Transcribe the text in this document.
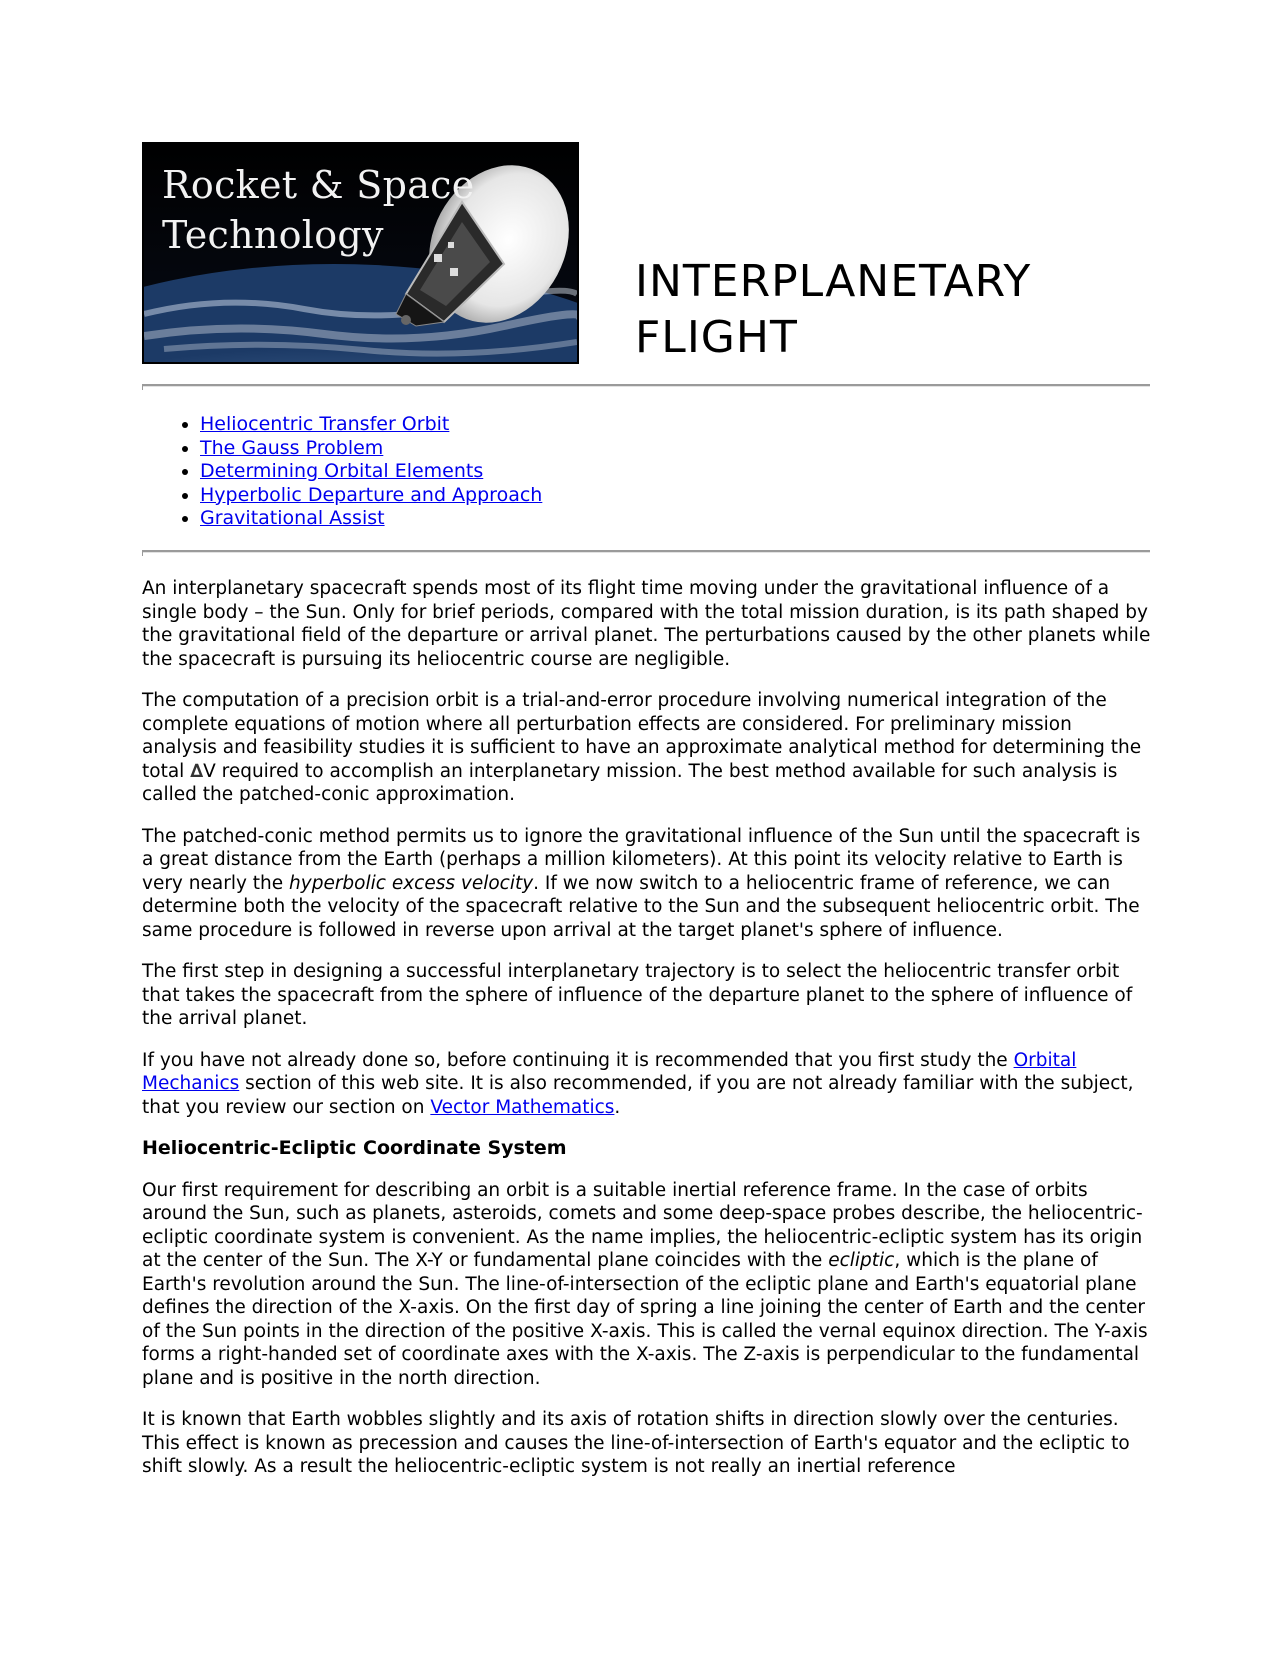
Rocket & Space
Technology
INTERPLANETARY
FLIGHT
• Heliocentric Transfer Orbit
• The Gauss Problem
• Determining Orbital Elements
• Hyperbolic Departure and Approach
• Gravitational Assist

An interplanetary spacecraft spends most of its flight time moving under the gravitational influence of a single body – the Sun. Only for brief periods, compared with the total mission duration, is its path shaped by the gravitational field of the departure or arrival planet. The perturbations caused by the other planets while the spacecraft is pursuing its heliocentric course are negligible.

The computation of a precision orbit is a trial-and-error procedure involving numerical integration of the complete equations of motion where all perturbation effects are considered. For preliminary mission analysis and feasibility studies it is sufficient to have an approximate analytical method for determining the total ∆V required to accomplish an interplanetary mission. The best method available for such analysis is called the patched-conic approximation.

The patched-conic method permits us to ignore the gravitational influence of the Sun until the spacecraft is a great distance from the Earth (perhaps a million kilometers). At this point its velocity relative to Earth is very nearly the hyperbolic excess velocity. If we now switch to a heliocentric frame of reference, we can determine both the velocity of the spacecraft relative to the Sun and the subsequent heliocentric orbit. The same procedure is followed in reverse upon arrival at the target planet's sphere of influence.

The first step in designing a successful interplanetary trajectory is to select the heliocentric transfer orbit that takes the spacecraft from the sphere of influence of the departure planet to the sphere of influence of the arrival planet.

If you have not already done so, before continuing it is recommended that you first study the Orbital Mechanics section of this web site. It is also recommended, if you are not already familiar with the subject, that you review our section on Vector Mathematics.

Heliocentric-Ecliptic Coordinate System

Our first requirement for describing an orbit is a suitable inertial reference frame. In the case of orbits around the Sun, such as planets, asteroids, comets and some deep-space probes describe, the heliocentric-ecliptic coordinate system is convenient. As the name implies, the heliocentric-ecliptic system has its origin at the center of the Sun. The X-Y or fundamental plane coincides with the ecliptic, which is the plane of Earth's revolution around the Sun. The line-of-intersection of the ecliptic plane and Earth's equatorial plane defines the direction of the X-axis. On the first day of spring a line joining the center of Earth and the center of the Sun points in the direction of the positive X-axis. This is called the vernal equinox direction. The Y-axis forms a right-handed set of coordinate axes with the X-axis. The Z-axis is perpendicular to the fundamental plane and is positive in the north direction.

It is known that Earth wobbles slightly and its axis of rotation shifts in direction slowly over the centuries. This effect is known as precession and causes the line-of-intersection of Earth's equator and the ecliptic to shift slowly. As a result the heliocentric-ecliptic system is not really an inertial reference
